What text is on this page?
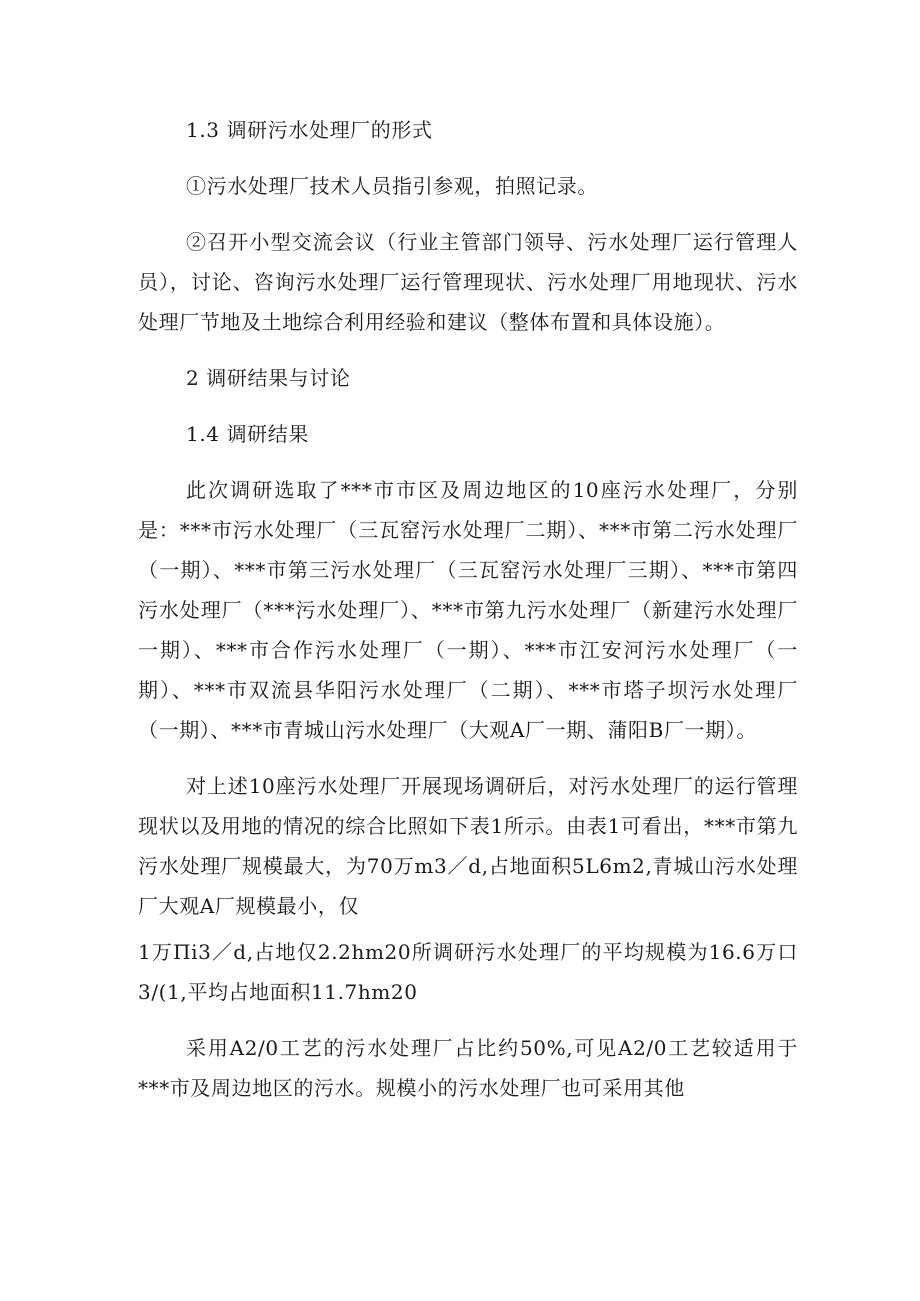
1.3 调研污水处理厂的形式

①污水处理厂技术人员指引参观，拍照记录。

②召开小型交流会议（行业主管部门领导、污水处理厂运行管理人员），讨论、咨询污水处理厂运行管理现状、污水处理厂用地现状、污水处理厂节地及土地综合利用经验和建议（整体布置和具体设施）。

2 调研结果与讨论

1.4 调研结果

此次调研选取了***市市区及周边地区的10座污水处理厂，分别是：***市污水处理厂（三瓦窑污水处理厂二期）、***市第二污水处理厂（一期）、***市第三污水处理厂（三瓦窑污水处理厂三期）、***市第四污水处理厂（***污水处理厂）、***市第九污水处理厂（新建污水处理厂一期）、***市合作污水处理厂（一期）、***市江安河污水处理厂（一期）、***市双流县华阳污水处理厂（二期）、***市塔子坝污水处理厂（一期）、***市青城山污水处理厂（大观A厂一期、蒲阳B厂一期）。

对上述10座污水处理厂开展现场调研后，对污水处理厂的运行管理现状以及用地的情况的综合比照如下表1所示。由表1可看出，***市第九污水处理厂规模最大，为70万m3／d,占地面积5L6m2,青城山污水处理厂大观A厂规模最小，仅

1万Πi3／d,占地仅2.2hm20所调研污水处理厂的平均规模为16.6万口3/(1,平均占地面积11.7hm20

采用A2/0工艺的污水处理厂占比约50%,可见A2/0工艺较适用于***市及周边地区的污水。规模小的污水处理厂也可采用其他
